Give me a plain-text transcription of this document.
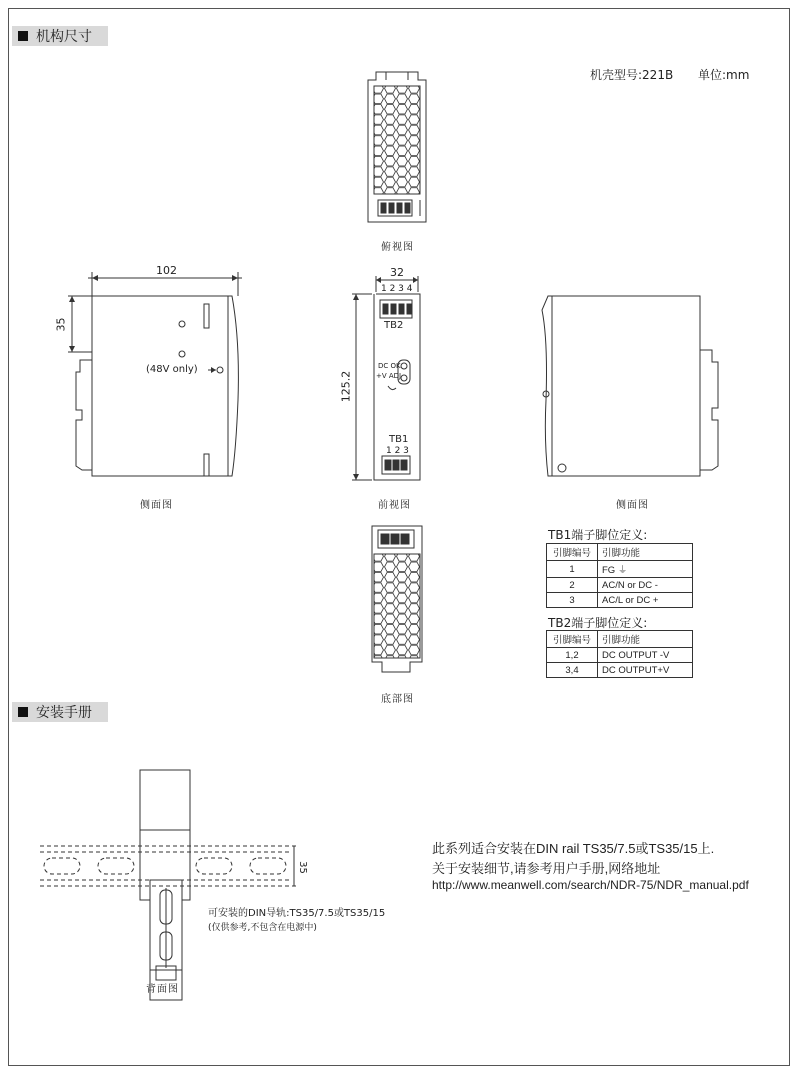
机构尺寸
机壳型号:221B 单位:mm
102
35
32
125.2
35
(48V only)
1 2 3 4
TB2
DC OK
+V ADJ
TB1
1 2 3
俯视图
侧面图	前视图	侧面图
底部图
背面图
TB1端子脚位定义:
引脚编号	引脚功能
1	FG ⏚
2	AC/N or DC -
3	AC/L or DC +
TB2端子脚位定义:
引脚编号	引脚功能
1,2	DC OUTPUT -V
3,4	DC OUTPUT+V
安装手册
此系列适合安装在DIN rail TS35/7.5或TS35/15上.
关于安装细节,请参考用户手册,网络地址
http://www.meanwell.com/search/NDR-75/NDR_manual.pdf
可安装的DIN导轨:TS35/7.5或TS35/15
(仅供参考,不包含在电源中)
